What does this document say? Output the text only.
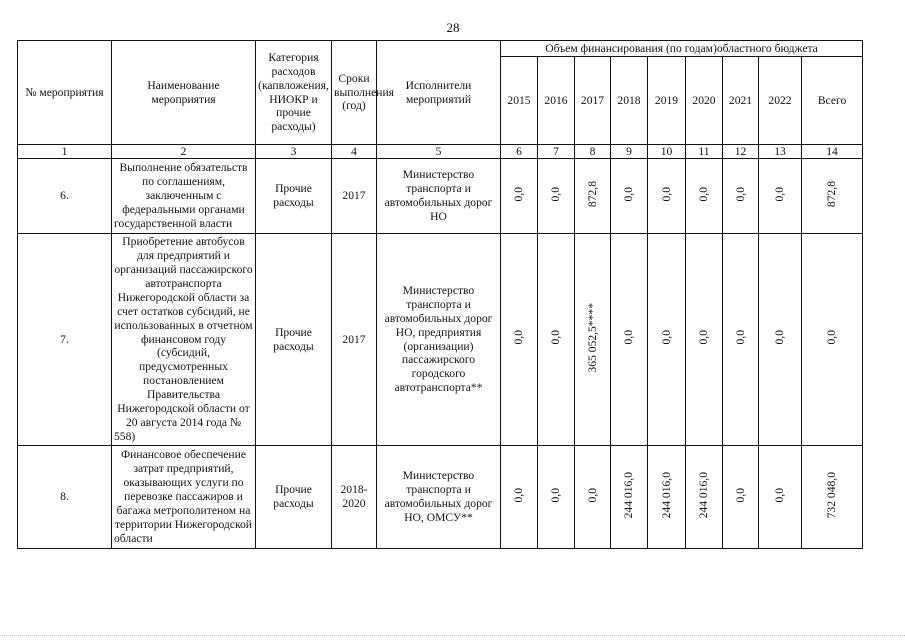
28
№ мероприятия	Наименование мероприятия	Категория расходов (капвложения, НИОКР и прочие расходы)	Сроки выполнения (год)	Исполнители мероприятий	Объем финансирования (по годам)областного бюджета								
					2015	2016	2017	2018	2019	2020	2021	2022	Всего
1	2	3	4	5	6	7	8	9	10	11	12	13	14
6.	Выполнение обязательств по соглашениям, заключенным с федеральными органами государственной власти	Прочие расходы	2017	Министерство транспорта и автомобильных дорог НО	0,0	0,0	872,8	0,0	0,0	0,0	0,0	0,0	872,8
7.	Приобретение автобусов для предприятий и организаций пассажирского автотранспорта Нижегородской области за счет остатков субсидий, не использованных в отчетном финансовом году (субсидий, предусмотренных постановлением Правительства Нижегородской области от 20 августа 2014 года № 558)	Прочие расходы	2017	Министерство транспорта и автомобильных дорог НО, предприятия (организации) пассажирского городского автотранспорта**	0,0	0,0	365 052,5****	0,0	0,0	0,0	0,0	0,0	0,0
8.	Финансовое обеспечение затрат предприятий, оказывающих услуги по перевозке пассажиров и багажа метрополитеном на территории Нижегородской области	Прочие расходы	2018-2020	Министерство транспорта и автомобильных дорог НО, ОМСУ**	0,0	0,0	0,0	244 016,0	244 016,0	244 016,0	0,0	0,0	732 048,0
